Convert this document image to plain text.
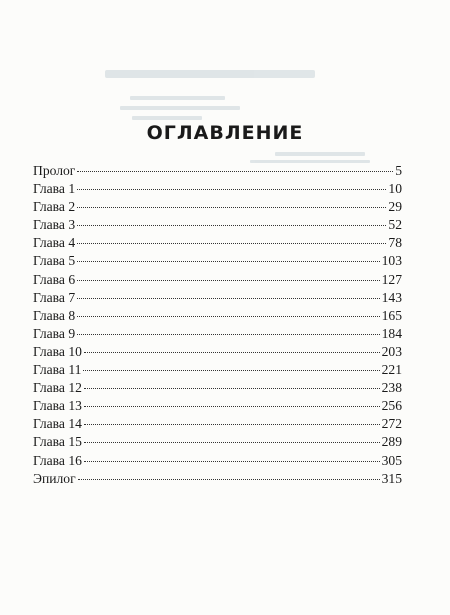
ОГЛАВЛЕНИЕ
Пролог	5
Глава 1	10
Глава 2	29
Глава 3	52
Глава 4	78
Глава 5	103
Глава 6	127
Глава 7	143
Глава 8	165
Глава 9	184
Глава 10	203
Глава 11	221
Глава 12	238
Глава 13	256
Глава 14	272
Глава 15	289
Глава 16	305
Эпилог	315
